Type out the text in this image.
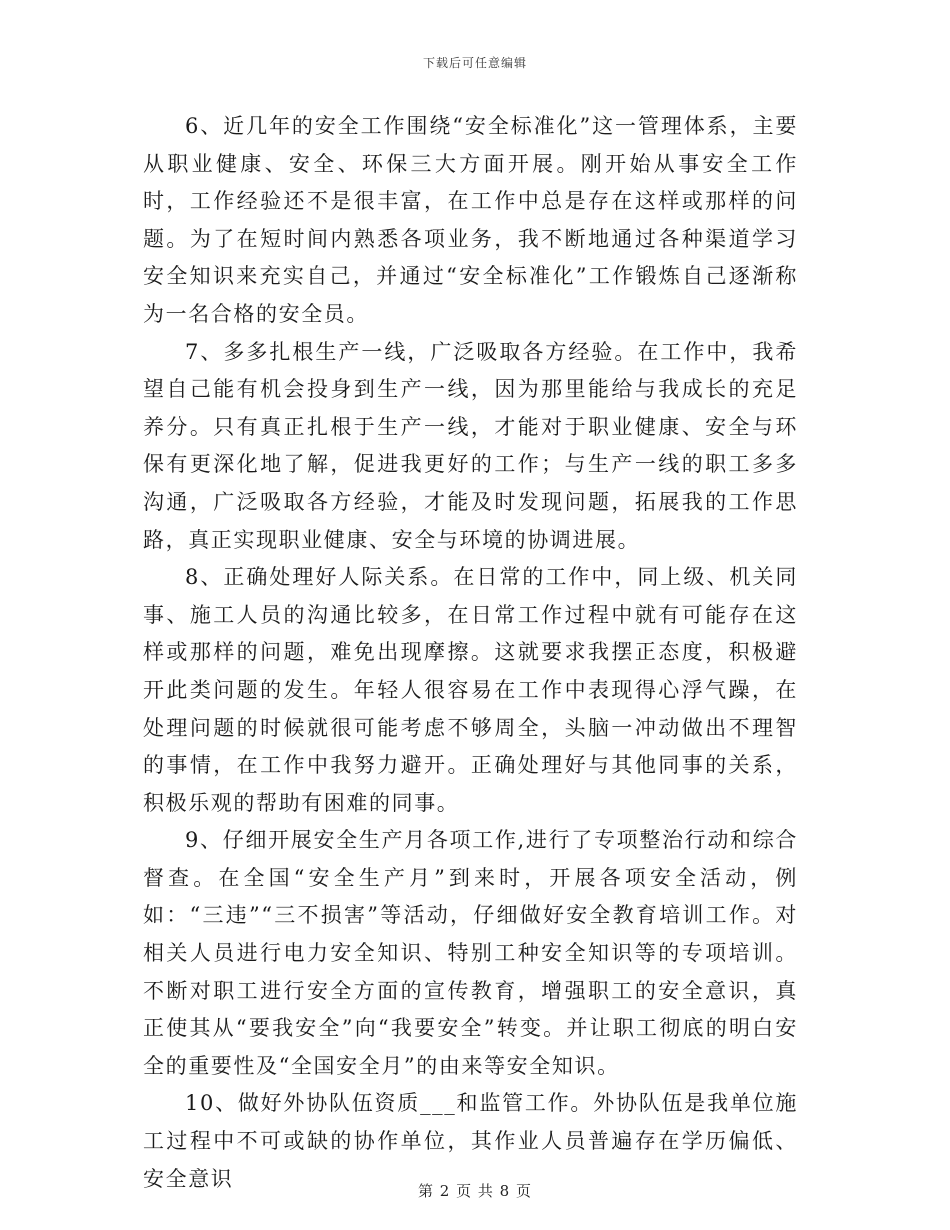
下载后可任意编辑

6、近几年的安全工作围绕“安全标准化”这一管理体系，主要从职业健康、安全、环保三大方面开展。刚开始从事安全工作时，工作经验还不是很丰富，在工作中总是存在这样或那样的问题。为了在短时间内熟悉各项业务，我不断地通过各种渠道学习安全知识来充实自己，并通过“安全标准化”工作锻炼自己逐渐称为一名合格的安全员。

7、多多扎根生产一线，广泛吸取各方经验。在工作中，我希望自己能有机会投身到生产一线，因为那里能给与我成长的充足养分。只有真正扎根于生产一线，才能对于职业健康、安全与环保有更深化地了解，促进我更好的工作；与生产一线的职工多多沟通，广泛吸取各方经验，才能及时发现问题，拓展我的工作思路，真正实现职业健康、安全与环境的协调进展。

8、正确处理好人际关系。在日常的工作中，同上级、机关同事、施工人员的沟通比较多，在日常工作过程中就有可能存在这样或那样的问题，难免出现摩擦。这就要求我摆正态度，积极避开此类问题的发生。年轻人很容易在工作中表现得心浮气躁，在处理问题的时候就很可能考虑不够周全，头脑一冲动做出不理智的事情，在工作中我努力避开。正确处理好与其他同事的关系，积极乐观的帮助有困难的同事。

9、仔细开展安全生产月各项工作,进行了专项整治行动和综合督查。在全国“安全生产月”到来时，开展各项安全活动，例如：“三违”“三不损害”等活动，仔细做好安全教育培训工作。对相关人员进行电力安全知识、特别工种安全知识等的专项培训。不断对职工进行安全方面的宣传教育，增强职工的安全意识，真正使其从“要我安全”向“我要安全”转变。并让职工彻底的明白安全的重要性及“全国安全月”的由来等安全知识。

10、做好外协队伍资质___和监管工作。外协队伍是我单位施工过程中不可或缺的协作单位，其作业人员普遍存在学历偏低、安全意识

第 2 页 共 8 页
